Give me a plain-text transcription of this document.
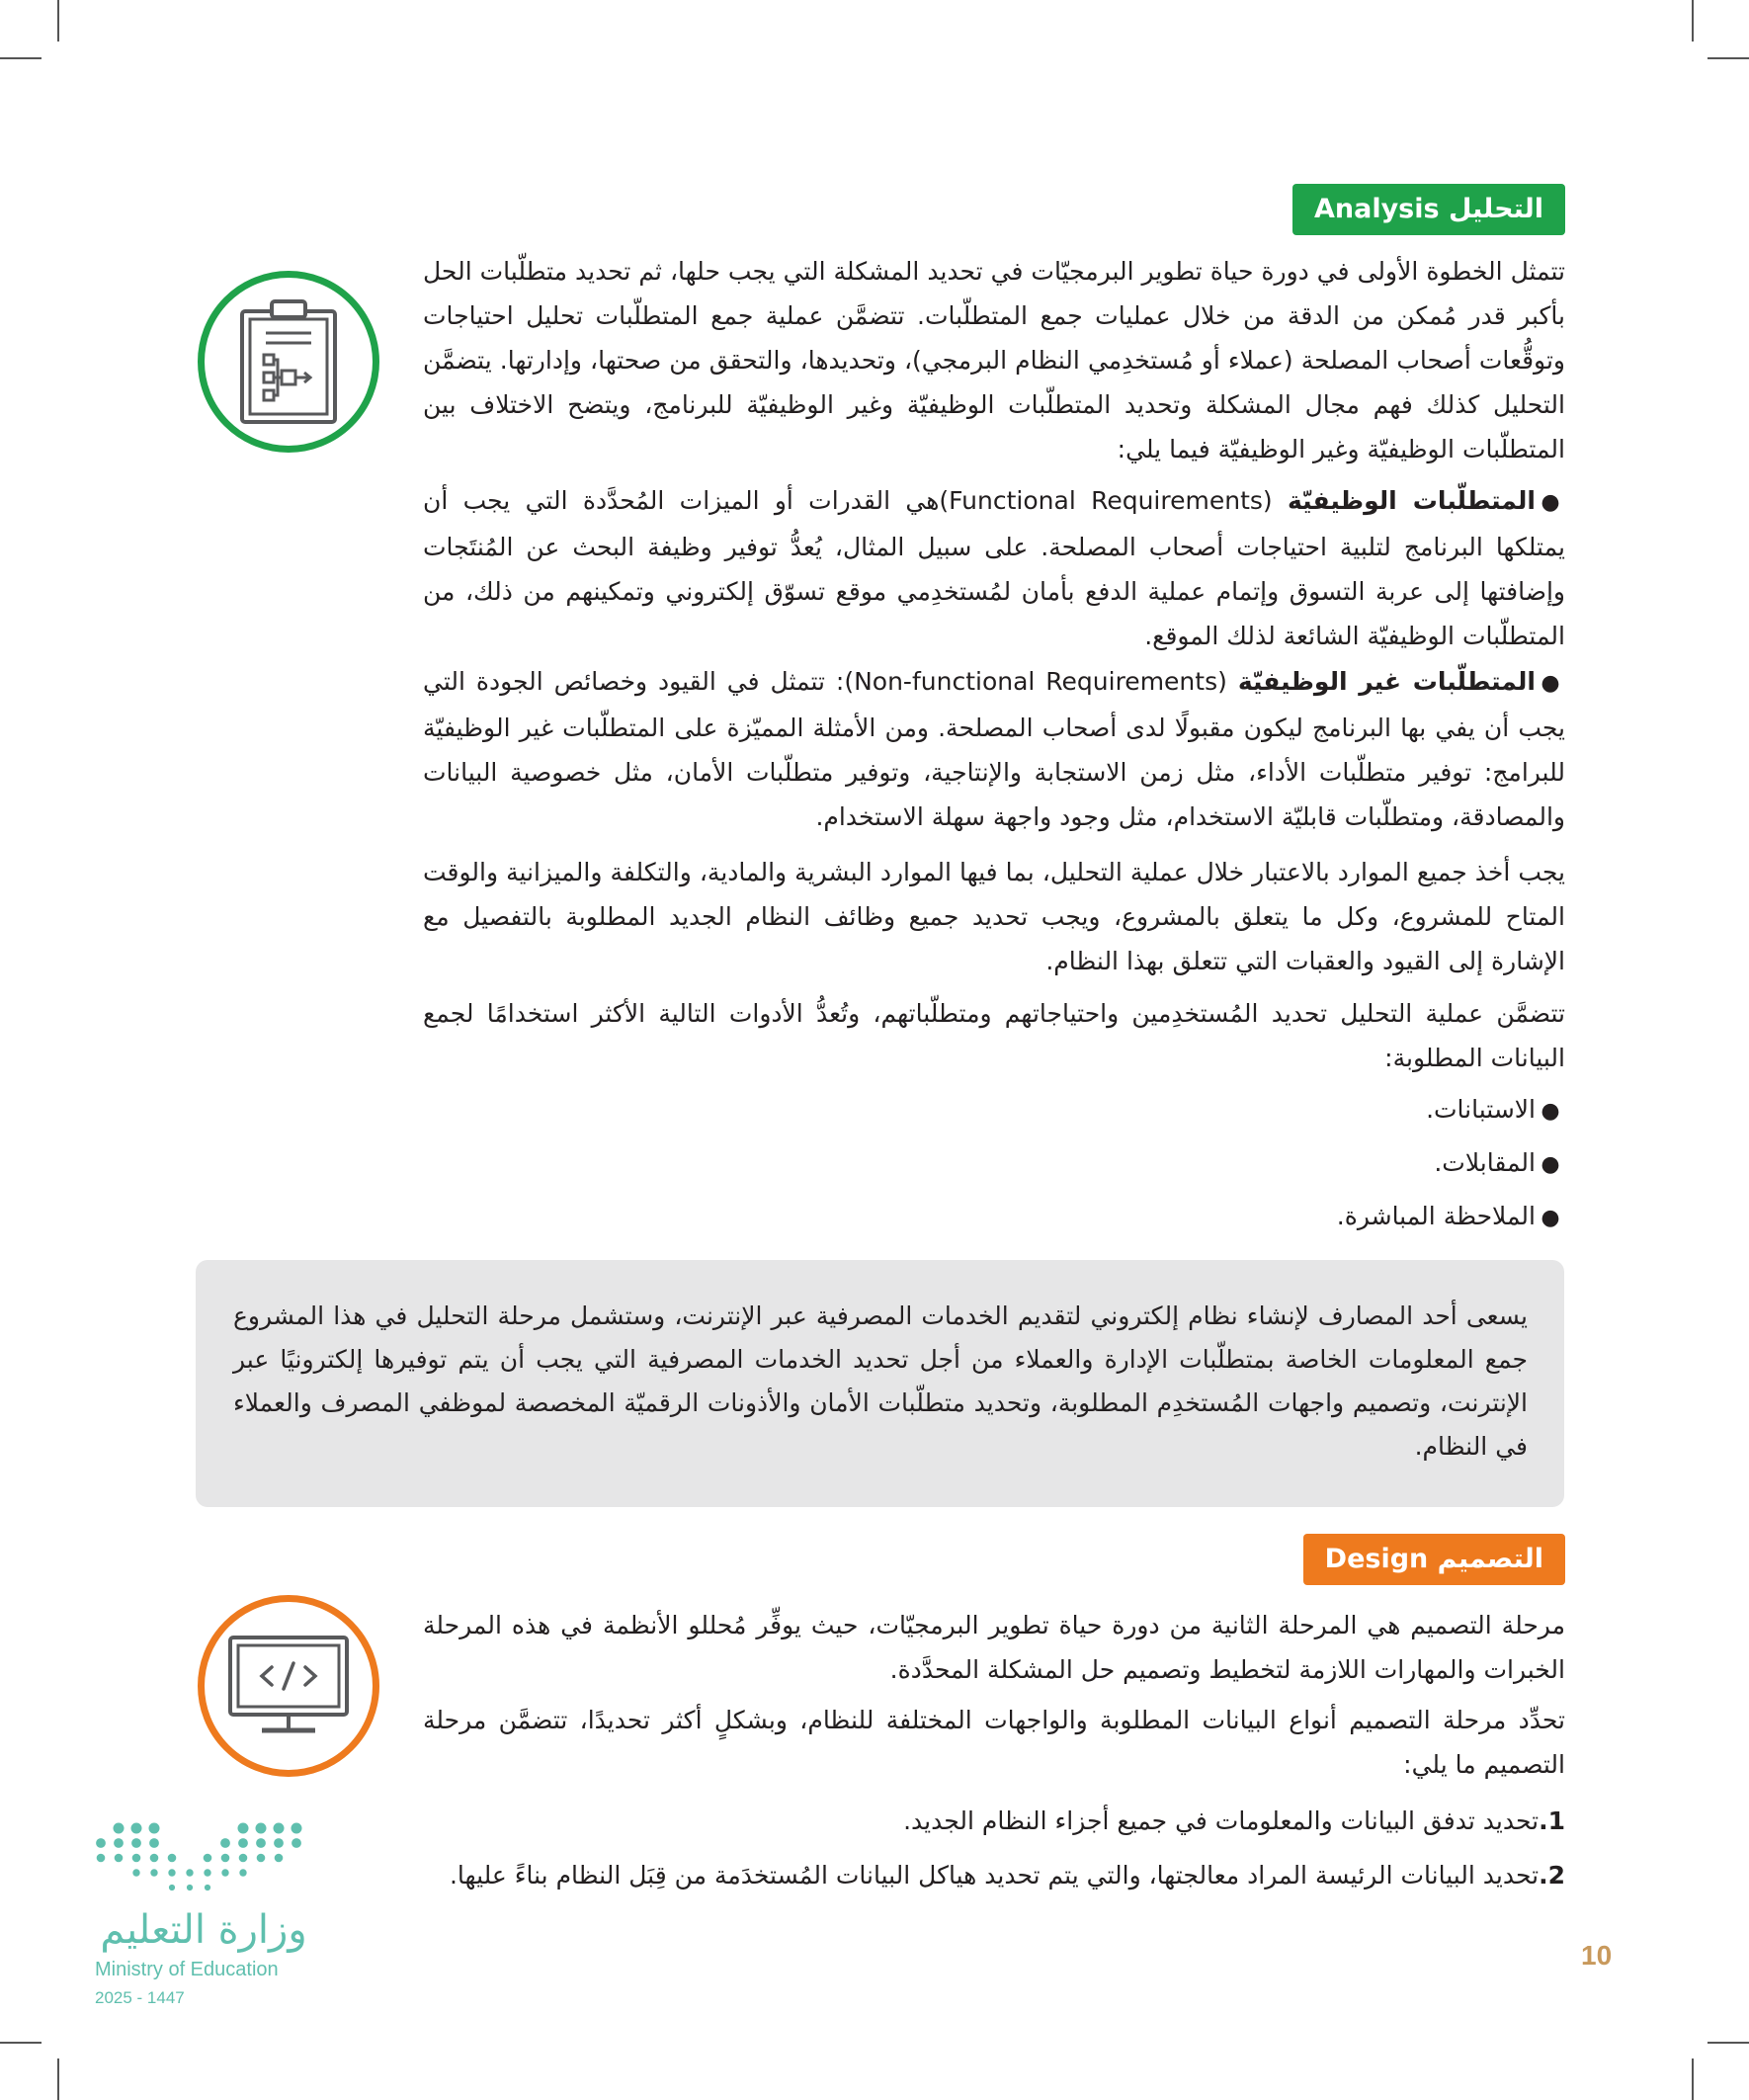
التحليل Analysis
تتمثل الخطوة الأولى في دورة حياة تطوير البرمجيّات في تحديد المشكلة التي يجب حلها، ثم تحديد متطلّبات الحل بأكبر قدر مُمكن من الدقة من خلال عمليات جمع المتطلّبات. تتضمَّن عملية جمع المتطلّبات تحليل احتياجات وتوقُّعات أصحاب المصلحة (عملاء أو مُستخدِمي النظام البرمجي)، وتحديدها، والتحقق من صحتها، وإدارتها. يتضمَّن التحليل كذلك فهم مجال المشكلة وتحديد المتطلّبات الوظيفيّة وغير الوظيفيّة للبرنامج، ويتضح الاختلاف بين المتطلّبات الوظيفيّة وغير الوظيفيّة فيما يلي:
●المتطلّبات الوظيفيّة (Functional Requirements)هي القدرات أو الميزات المُحدَّدة التي يجب أن يمتلكها البرنامج لتلبية احتياجات أصحاب المصلحة. على سبيل المثال، يُعدُّ توفير وظيفة البحث عن المُنتَجات وإضافتها إلى عربة التسوق وإتمام عملية الدفع بأمان لمُستخدِمي موقع تسوّق إلكتروني وتمكينهم من ذلك، من المتطلّبات الوظيفيّة الشائعة لذلك الموقع.
●المتطلّبات غير الوظيفيّة (Non-functional Requirements): تتمثل في القيود وخصائص الجودة التي يجب أن يفي بها البرنامج ليكون مقبولًا لدى أصحاب المصلحة. ومن الأمثلة المميّزة على المتطلّبات غير الوظيفيّة للبرامج: توفير متطلّبات الأداء، مثل زمن الاستجابة والإنتاجية، وتوفير متطلّبات الأمان، مثل خصوصية البيانات والمصادقة، ومتطلّبات قابليّة الاستخدام، مثل وجود واجهة سهلة الاستخدام.
يجب أخذ جميع الموارد بالاعتبار خلال عملية التحليل، بما فيها الموارد البشرية والمادية، والتكلفة والميزانية والوقت المتاح للمشروع، وكل ما يتعلق بالمشروع، ويجب تحديد جميع وظائف النظام الجديد المطلوبة بالتفصيل مع الإشارة إلى القيود والعقبات التي تتعلق بهذا النظام.
تتضمَّن عملية التحليل تحديد المُستخدِمين واحتياجاتهم ومتطلّباتهم، وتُعدُّ الأدوات التالية الأكثر استخدامًا لجمع البيانات المطلوبة:
●الاستبانات.
●المقابلات.
●الملاحظة المباشرة.
يسعى أحد المصارف لإنشاء نظام إلكتروني لتقديم الخدمات المصرفية عبر الإنترنت، وستشمل مرحلة التحليل في هذا المشروع جمع المعلومات الخاصة بمتطلّبات الإدارة والعملاء من أجل تحديد الخدمات المصرفية التي يجب أن يتم توفيرها إلكترونيًا عبر الإنترنت، وتصميم واجهات المُستخدِم المطلوبة، وتحديد متطلّبات الأمان والأذونات الرقميّة المخصصة لموظفي المصرف والعملاء في النظام.
التصميم Design
مرحلة التصميم هي المرحلة الثانية من دورة حياة تطوير البرمجيّات، حيث يوفِّر مُحللو الأنظمة في هذه المرحلة الخبرات والمهارات اللازمة لتخطيط وتصميم حل المشكلة المحدَّدة.
تحدِّد مرحلة التصميم أنواع البيانات المطلوبة والواجهات المختلفة للنظام، وبشكلٍ أكثر تحديدًا، تتضمَّن مرحلة التصميم ما يلي:
1.تحديد تدفق البيانات والمعلومات في جميع أجزاء النظام الجديد.
2.تحديد البيانات الرئيسة المراد معالجتها، والتي يتم تحديد هياكل البيانات المُستخدَمة من قِبَل النظام بناءً عليها.
وزارة التعليم
Ministry of Education
2025 - 1447
10
